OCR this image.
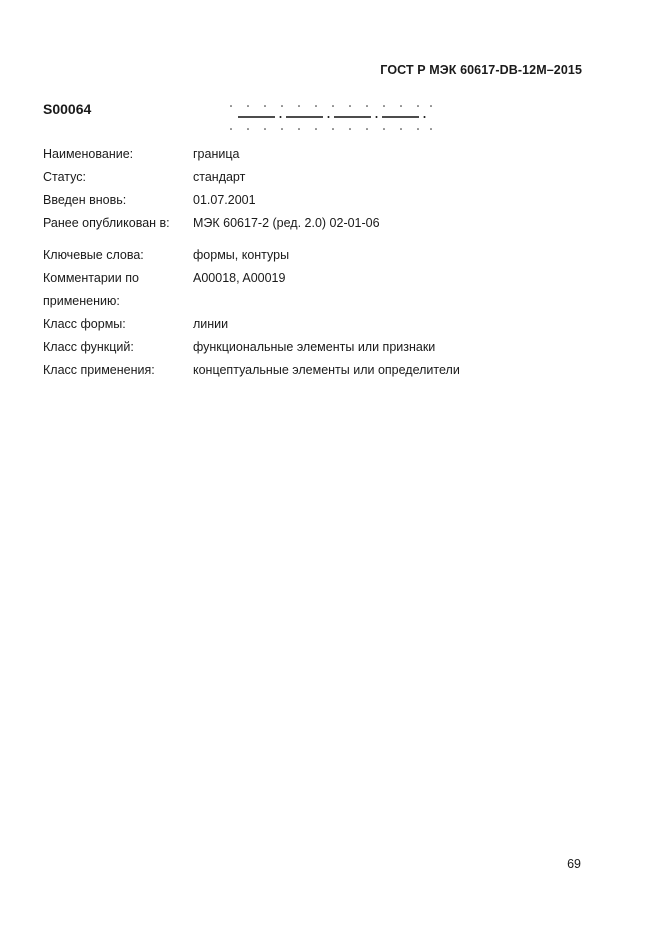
ГОСТ Р МЭК 60617-DB-12M–2015
S00064
Наименование:	граница
Статус:	стандарт
Введен вновь:	01.07.2001
Ранее опубликован в:	МЭК 60617-2 (ред. 2.0) 02-01-06
Ключевые слова:	формы, контуры
Комментарии по	A00018, A00019
применению:
Класс формы:	линии
Класс функций:	функциональные элементы или признаки
Класс применения:	концептуальные элементы или определители
69
